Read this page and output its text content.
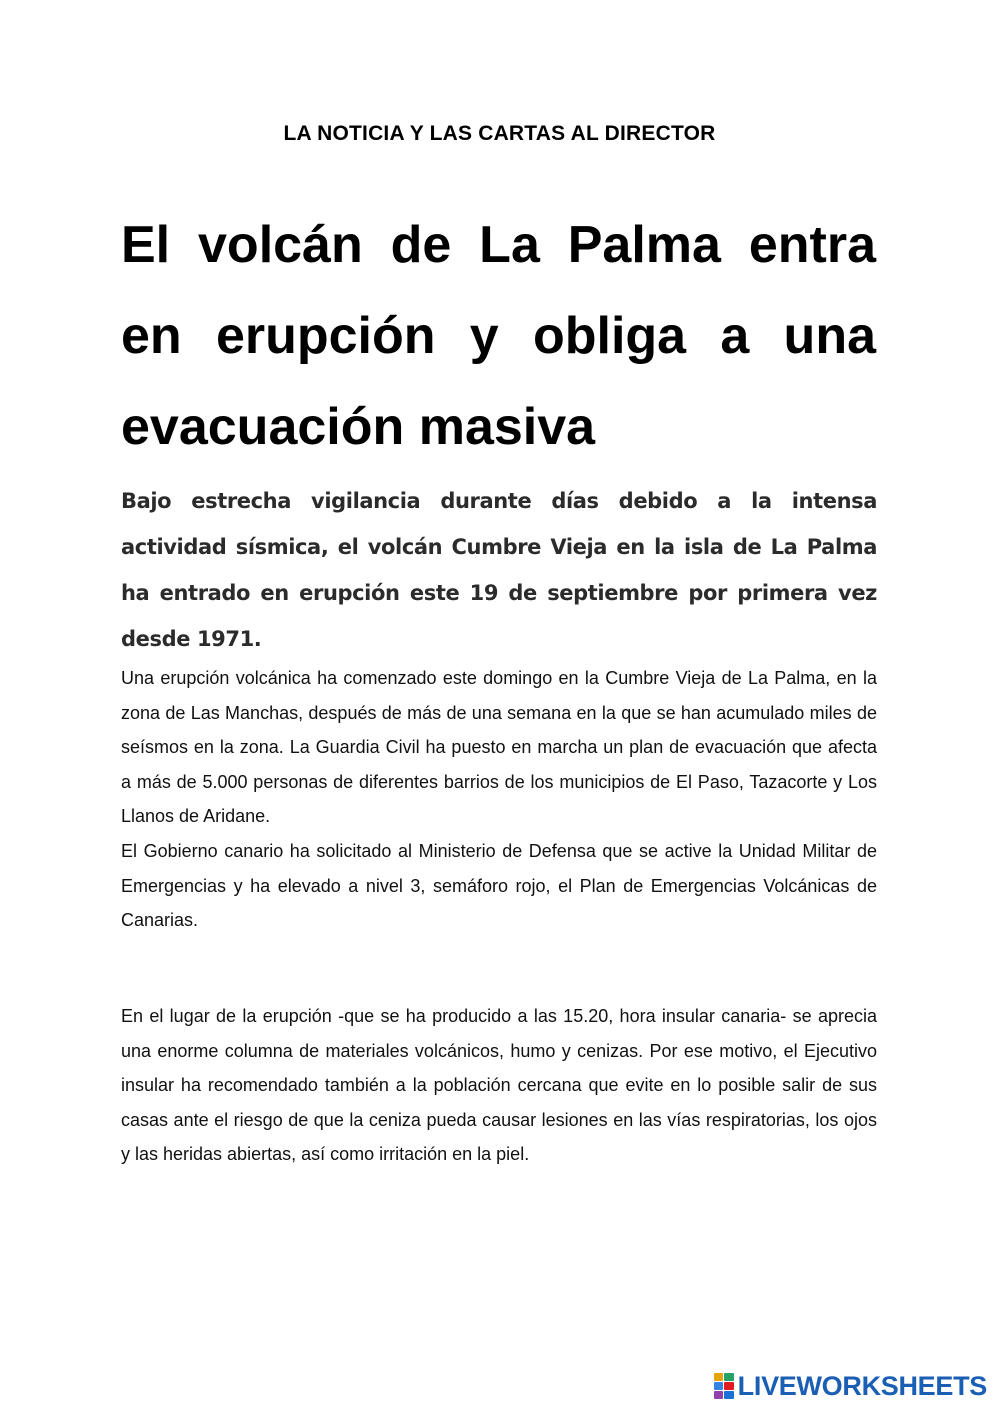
LA NOTICIA Y LAS CARTAS AL DIRECTOR
El volcán de La Palma entra en erupción y obliga a una evacuación masiva

Bajo estrecha vigilancia durante días debido a la intensa actividad sísmica, el volcán Cumbre Vieja en la isla de La Palma ha entrado en erupción este 19 de septiembre por primera vez desde 1971.

Una erupción volcánica ha comenzado este domingo en la Cumbre Vieja de La Palma, en la zona de Las Manchas, después de más de una semana en la que se han acumulado miles de seísmos en la zona. La Guardia Civil ha puesto en marcha un plan de evacuación que afecta a más de 5.000 personas de diferentes barrios de los municipios de El Paso, Tazacorte y Los Llanos de Aridane.

El Gobierno canario ha solicitado al Ministerio de Defensa que se active la Unidad Militar de Emergencias y ha elevado a nivel 3, semáforo rojo, el Plan de Emergencias Volcánicas de Canarias.

En el lugar de la erupción -que se ha producido a las 15.20, hora insular canaria- se aprecia una enorme columna de materiales volcánicos, humo y cenizas. Por ese motivo, el Ejecutivo insular ha recomendado también a la población cercana que evite en lo posible salir de sus casas ante el riesgo de que la ceniza pueda causar lesiones en las vías respiratorias, los ojos y las heridas abiertas, así como irritación en la piel.

LIVEWORKSHEETS
